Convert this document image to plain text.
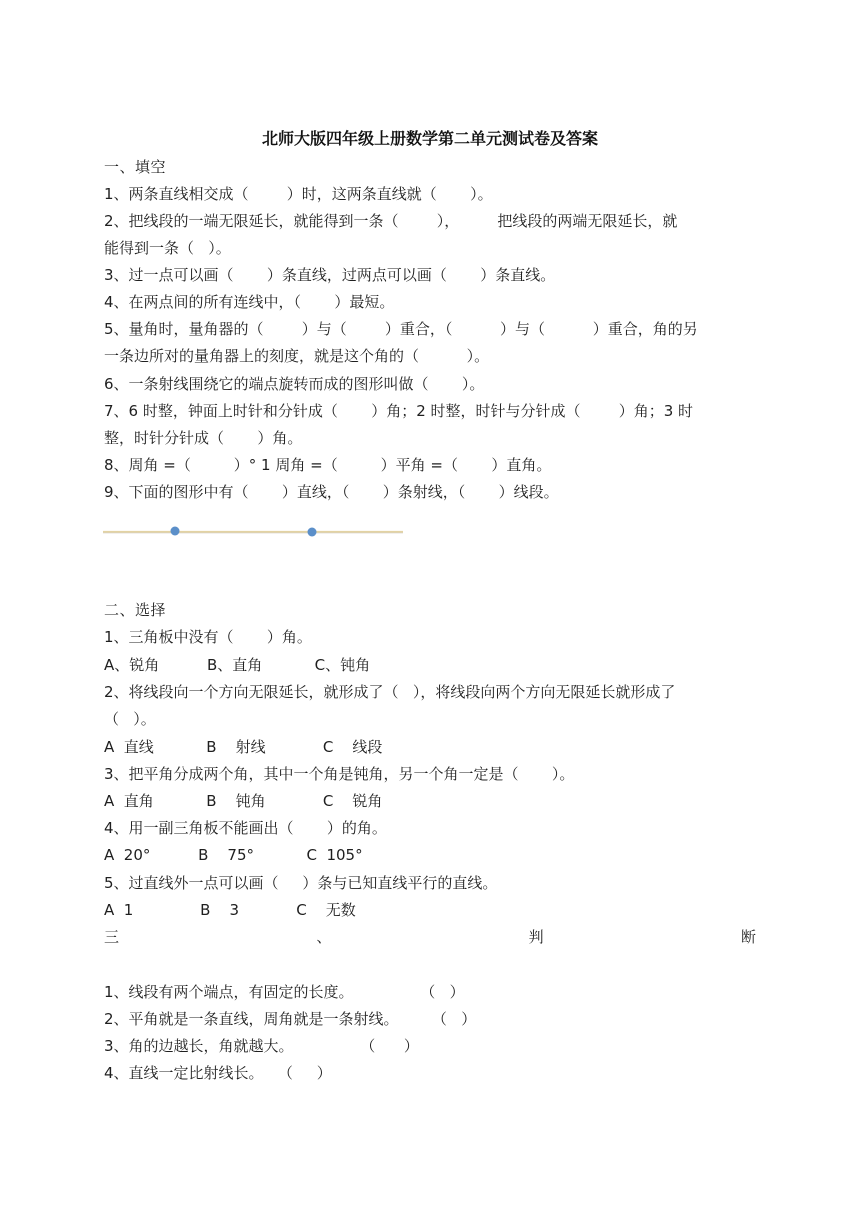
北师大版四年级上册数学第二单元测试卷及答案
一、填空
1、两条直线相交成（        ）时，这两条直线就（       ）。
2、把线段的一端无限延长，就能得到一条（        ），        把线段的两端无限延长，就
能得到一条（   ）。
3、过一点可以画（       ）条直线，过两点可以画（       ）条直线。
4、在两点间的所有连线中，（       ）最短。
5、量角时，量角器的（        ）与（        ）重合，（          ）与（          ）重合，角的另
一条边所对的量角器上的刻度，就是这个角的（          ）。
6、一条射线围绕它的端点旋转而成的图形叫做（       ）。
7、6 时整，钟面上时针和分针成（       ）角；2 时整，时针与分针成（        ）角；3 时
整，时针分针成（       ）角。
8、周角 =（         ）° 1 周角 =（         ）平角 =（       ）直角。
9、下面的图形中有（       ）直线，（       ）条射线，（       ）线段。
二、选择
1、三角板中没有（       ）角。
A、锐角          B、直角           C、钝角
2、将线段向一个方向无限延长，就形成了（   ），将线段向两个方向无限延长就形成了
（   ）。
A  直线           B    射线            C    线段
3、把平角分成两个角，其中一个角是钝角，另一个角一定是（       ）。
A  直角           B    钝角            C    锐角
4、用一副三角板不能画出（       ）的角。
A  20°          B    75°           C  105°
5、过直线外一点可以画（     ）条与已知直线平行的直线。
A  1              B    3            C    无数
三	、	判	断
1、线段有两个端点，有固定的长度。              （   ）
2、平角就是一条直线，周角就是一条射线。       （   ）
3、角的边越长，角就越大。              （      ）
4、直线一定比射线长。   （     ）
